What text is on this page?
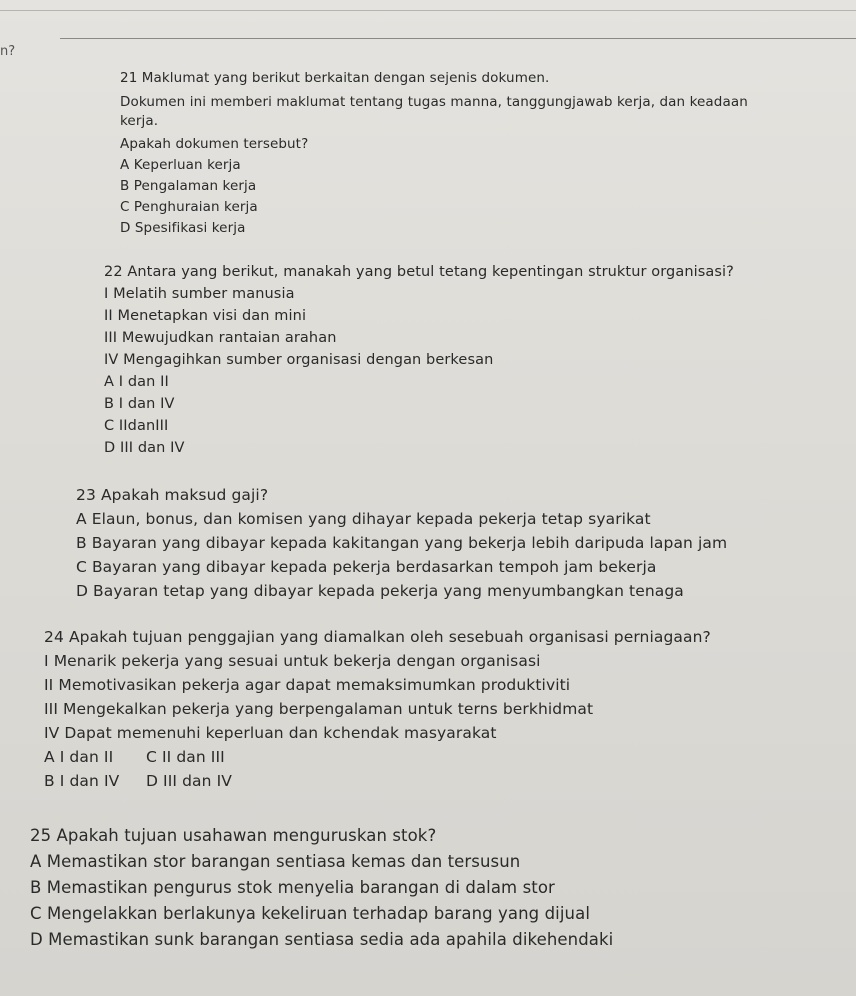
n?
21 Maklumat yang berikut berkaitan dengan sejenis dokumen.
Dokumen ini memberi maklumat tentang tugas manna, tanggungjawab kerja, dan keadaan
kerja.
Apakah dokumen tersebut?
A Keperluan kerja
B Pengalaman kerja
C Penghuraian kerja
D Spesifikasi kerja
22 Antara yang berikut, manakah yang betul tetang kepentingan struktur organisasi?
I Melatih sumber manusia
II Menetapkan visi dan mini
III Mewujudkan rantaian arahan
IV Mengagihkan sumber organisasi dengan berkesan
A I dan II
B I dan IV
C IIdanIII
D III dan IV
23 Apakah maksud gaji?
A Elaun, bonus, dan komisen yang dihayar kepada pekerja tetap syarikat
B Bayaran yang dibayar kepada kakitangan yang bekerja lebih daripuda lapan jam
C Bayaran yang dibayar kepada pekerja berdasarkan tempoh jam bekerja
D Bayaran tetap yang dibayar kepada pekerja yang menyumbangkan tenaga
24 Apakah tujuan penggajian yang diamalkan oleh sesebuah organisasi perniagaan?
I Menarik pekerja yang sesuai untuk bekerja dengan organisasi
II Memotivasikan pekerja agar dapat memaksimumkan produktiviti
III Mengekalkan pekerja yang berpengalaman untuk terns berkhidmat
IV Dapat memenuhi keperluan dan kchendak masyarakat
A I dan II C II dan III
B I dan IV D III dan IV
25 Apakah tujuan usahawan menguruskan stok?
A Memastikan stor barangan sentiasa kemas dan tersusun
B Memastikan pengurus stok menyelia barangan di dalam stor
C Mengelakkan berlakunya kekeliruan terhadap barang yang dijual
D Memastikan sunk barangan sentiasa sedia ada apahila dikehendaki
